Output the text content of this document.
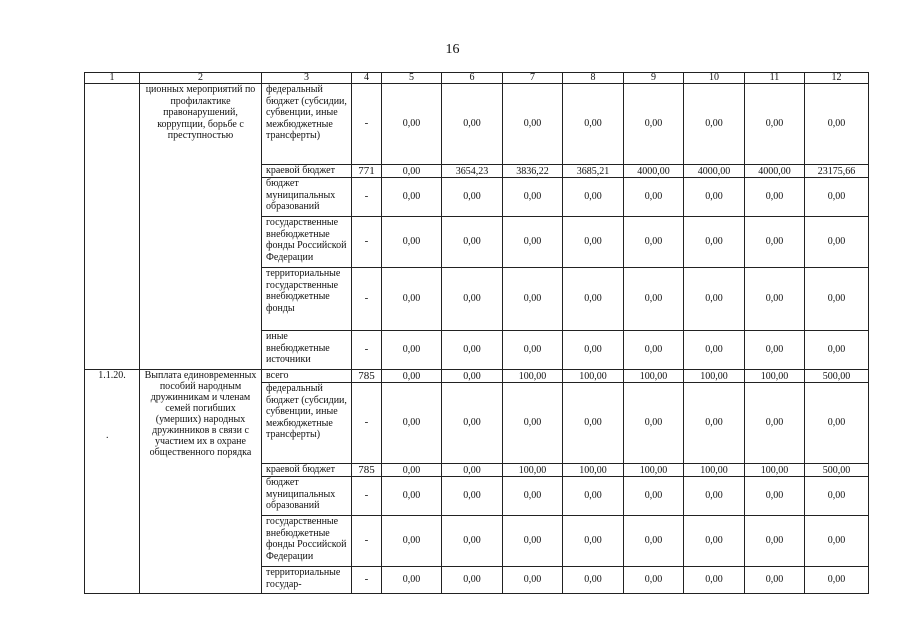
16
1	2	3	4	5	6	7	8	9	10	11	12
	ционных мероприятий по профилактике правонарушений, коррупции, борьбе с преступностью	федеральный бюджет (субсидии, субвенции, иные межбюджетные трансферты)	-	0,00	0,00	0,00	0,00	0,00	0,00	0,00	0,00
		краевой бюджет	771	0,00	3654,23	3836,22	3685,21	4000,00	4000,00	4000,00	23175,66
		бюджет муниципальных образований	-	0,00	0,00	0,00	0,00	0,00	0,00	0,00	0,00
		государственные внебюджетные фонды Российской Федерации	-	0,00	0,00	0,00	0,00	0,00	0,00	0,00	0,00
		территориальные государственные внебюджетные фонды	-	0,00	0,00	0,00	0,00	0,00	0,00	0,00	0,00
		иные внебюджетные источники	-	0,00	0,00	0,00	0,00	0,00	0,00	0,00	0,00
1.1.20.	Выплата единовременных пособий народным дружинникам и членам семей погибших (умерших) народных дружинников в связи с участием их в охране общественного порядка	всего	785	0,00	0,00	100,00	100,00	100,00	100,00	100,00	500,00
		федеральный бюджет (субсидии, субвенции, иные межбюджетные трансферты)	-	0,00	0,00	0,00	0,00	0,00	0,00	0,00	0,00
		краевой бюджет	785	0,00	0,00	100,00	100,00	100,00	100,00	100,00	500,00
		бюджет муниципальных образований	-	0,00	0,00	0,00	0,00	0,00	0,00	0,00	0,00
		государственные внебюджетные фонды Российской Федерации	-	0,00	0,00	0,00	0,00	0,00	0,00	0,00	0,00
		территориальные государ-	-	0,00	0,00	0,00	0,00	0,00	0,00	0,00	0,00
.
